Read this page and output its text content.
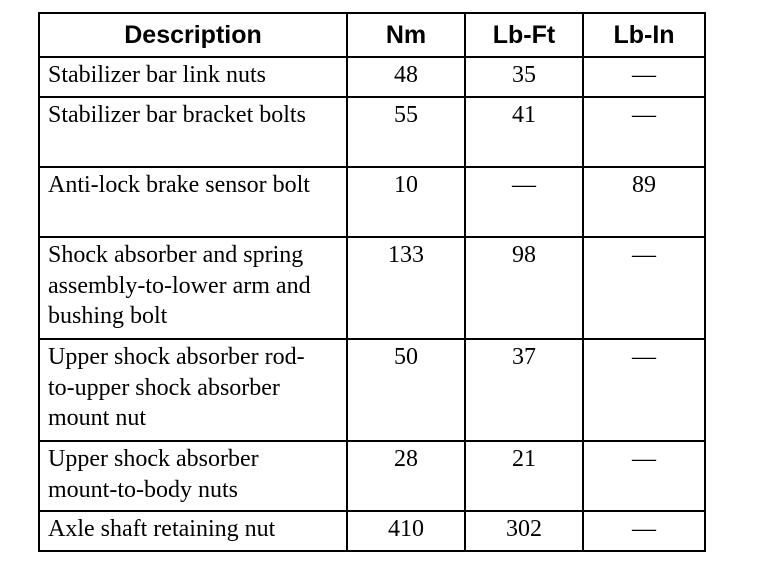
Description	Nm	Lb-Ft	Lb-In

Stabilizer bar link nuts	48	35	—

Stabilizer bar bracket bolts	55	41	—

Anti-lock brake sensor bolt	10	—	89

Shock absorber and spring assembly-to-lower arm and bushing bolt	133	98	—

Upper shock absorber rod-to-upper shock absorber mount nut	50	37	—

Upper shock absorber mount-to-body nuts	28	21	—

Axle shaft retaining nut	410	302	—
